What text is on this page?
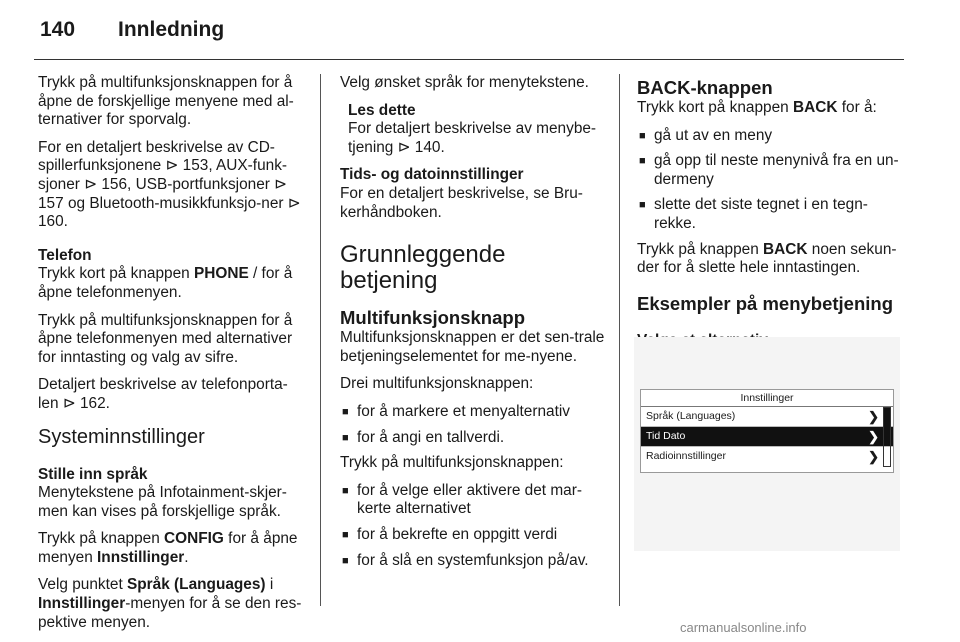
140 Innledning

Trykk på multifunksjonsknappen for å åpne de forskjellige menyene med al-ternativer for sporvalg.

For en detaljert beskrivelse av CD-spillerfunksjonene ⊳ 153, AUX-funk-sjoner ⊳ 156, USB-portfunksjoner ⊳ 157 og Bluetooth-musikkfunksjo-ner ⊳ 160.

Telefon

Trykk kort på knappen PHONE / for å åpne telefonmenyen.

Trykk på multifunksjonsknappen for å åpne telefonmenyen med alternativer for inntasting og valg av sifre.

Detaljert beskrivelse av telefonporta-len ⊳ 162.

Systeminnstillinger

Stille inn språk

Menytekstene på Infotainment-skjer-men kan vises på forskjellige språk.

Trykk på knappen CONFIG for å åpne menyen Innstillinger.

Velg punktet Språk (Languages) i Innstillinger-menyen for å se den res-pektive menyen.

Velg ønsket språk for menytekstene.

Les dette

For detaljert beskrivelse av menybe-tjening ⊳ 140.

Tids- og datoinnstillinger

For en detaljert beskrivelse, se Bru-kerhåndboken.

Grunnleggende betjening
Multifunksjonsknapp

Multifunksjonsknappen er det sen-trale betjeningselementet for me-nyene.

Drei multifunksjonsknappen:

■ for å markere et menyalternativ
■ for å angi en tallverdi.

Trykk på multifunksjonsknappen:

■ for å velge eller aktivere det mar-kerte alternativet
■ for å bekrefte en oppgitt verdi
■ for å slå en systemfunksjon på/av.
BACK-knappen

Trykk kort på knappen BACK for å:

■ gå ut av en meny
■ gå opp til neste menynivå fra en un-dermeny
■ slette det siste tegnet i en tegn-rekke.

Trykk på knappen BACK noen sekun-der for å slette hele inntastingen.

Eksempler på menybetjening

Innstillinger
Språk (Languages)	❯
Tid Dato	❯
Radioinnstillinger	❯
carmanualsonline.info
